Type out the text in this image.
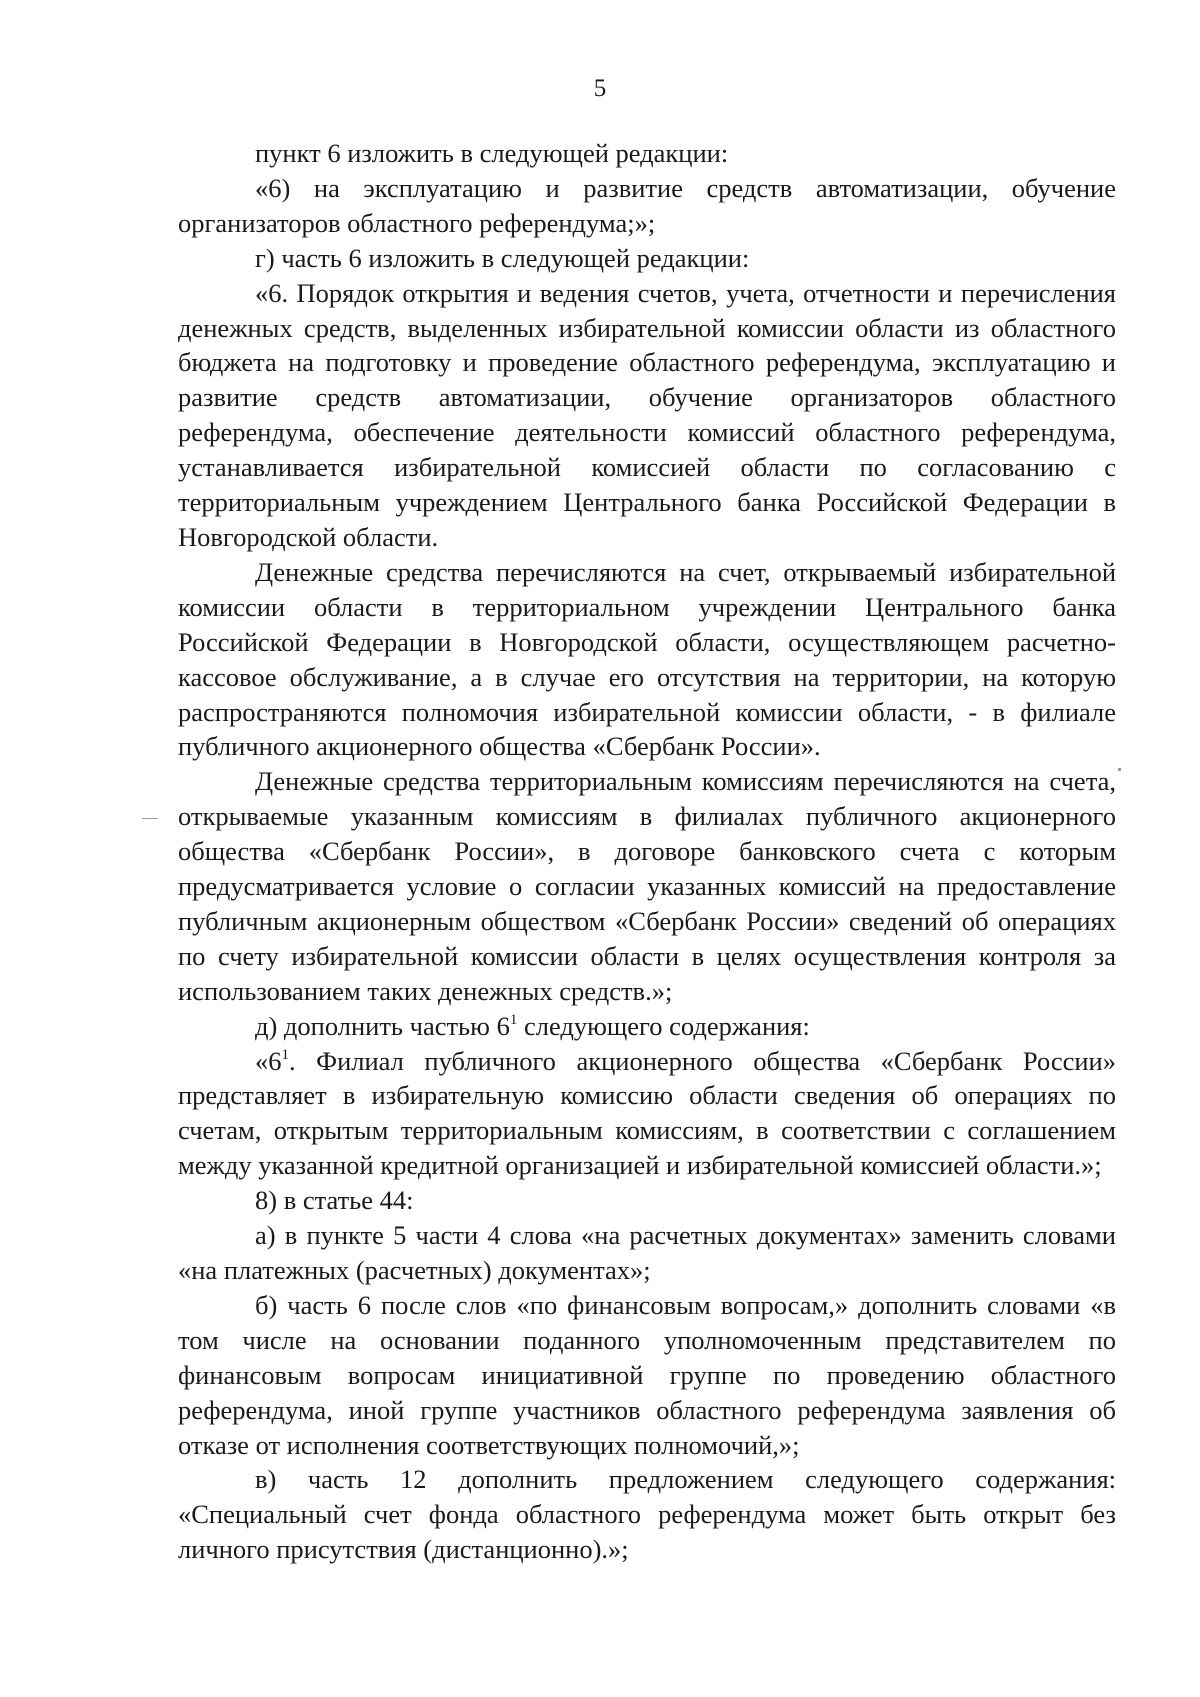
5

пункт 6 изложить в следующей редакции:

«6) на эксплуатацию и развитие средств автоматизации, обучение организаторов областного референдума;»;

г) часть 6 изложить в следующей редакции:

«6. Порядок открытия и ведения счетов, учета, отчетности и перечисления денежных средств, выделенных избирательной комиссии области из областного бюджета на подготовку и проведение областного референдума, эксплуатацию и развитие средств автоматизации, обучение организаторов областного референдума, обеспечение деятельности комиссий областного референдума, устанавливается избирательной комиссией области по согласованию с территориальным учреждением Центрального банка Российской Федерации в Новгородской области.

Денежные средства перечисляются на счет, открываемый избирательной комиссии области в территориальном учреждении Центрального банка Российской Федерации в Новгородской области, осуществляющем расчетно-кассовое обслуживание, а в случае его отсутствия на территории, на которую распространяются полномочия избирательной комиссии области, - в филиале публичного акционерного общества «Сбербанк России».

Денежные средства территориальным комиссиям перечисляются на счета, открываемые указанным комиссиям в филиалах публичного акционерного общества «Сбербанк России», в договоре банковского счета с которым предусматривается условие о согласии указанных комиссий на предоставление публичным акционерным обществом «Сбербанк России» сведений об операциях по счету избирательной комиссии области в целях осуществления контроля за использованием таких денежных средств.»;

д) дополнить частью $6^1$ следующего содержания:

«$6^1$. Филиал публичного акционерного общества «Сбербанк России» представляет в избирательную комиссию области сведения об операциях по счетам, открытым территориальным комиссиям, в соответствии с соглашением между указанной кредитной организацией и избирательной комиссией области.»;

8) в статье 44:

а) в пункте 5 части 4 слова «на расчетных документах» заменить словами «на платежных (расчетных) документах»;

б) часть 6 после слов «по финансовым вопросам,» дополнить словами «в том числе на основании поданного уполномоченным представителем по финансовым вопросам инициативной группе по проведению областного референдума, иной группе участников областного референдума заявления об отказе от исполнения соответствующих полномочий,»;

в) часть 12 дополнить предложением следующего содержания: «Специальный счет фонда областного референдума может быть открыт без личного присутствия (дистанционно).»;
